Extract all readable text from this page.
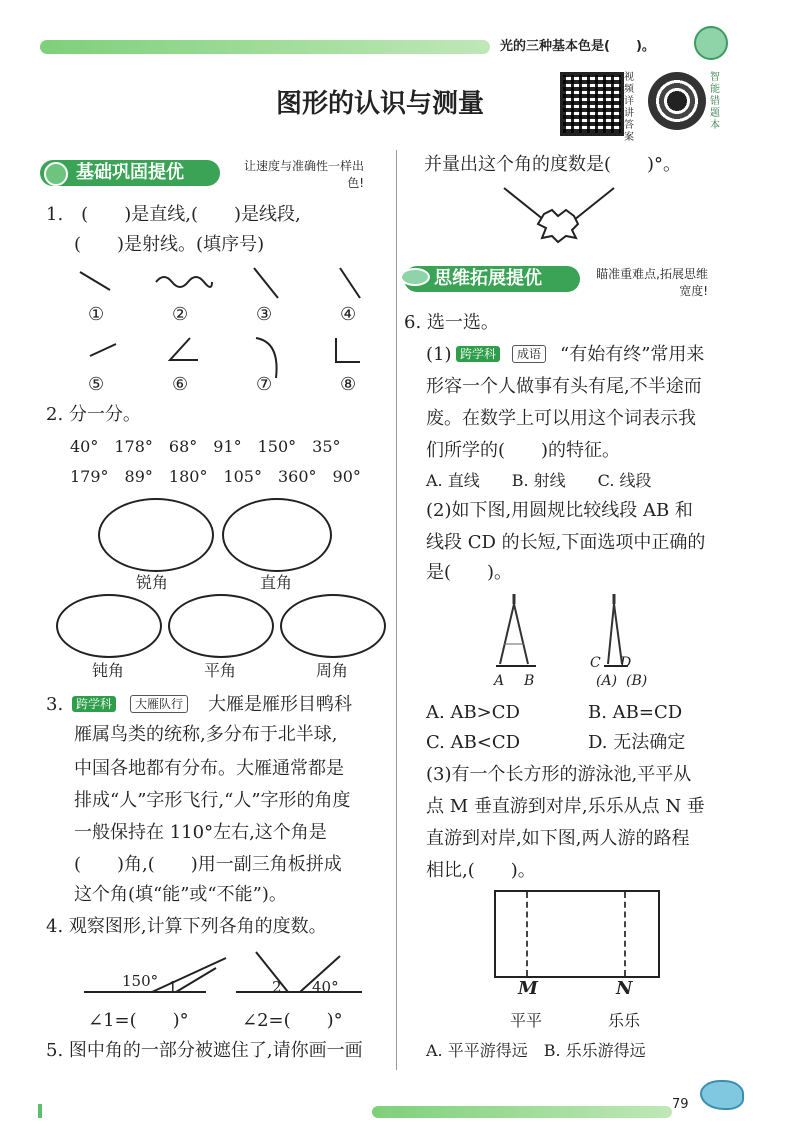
光的三种基本色是(　　)。
图形的认识与测量
视频详讲答案
智能错题本
基础巩固提优	让速度与准确性一样出色!
1.　(　　)是直线,(　　)是线段,
(　　)是射线。(填序号)
①	②	③	④
⑤	⑥	⑦	⑧
2. 分一分。
40°　178°　68°　91°　150°　35°
179°　89°　180°　105°　360°　90°
锐角	直角
钝角	平角	周角
3.	跨学科	大雁队行 大雁是雁形目鸭科
雁属鸟类的统称,多分布于北半球,
中国各地都有分布。大雁通常都是
排成“人”字形飞行,“人”字形的角度
一般保持在 110°左右,这个角是
(　　)角,(　　)用一副三角板拼成
这个角(填“能”或“不能”)。
4. 观察图形,计算下列各角的度数。
150° 1	2 40°
∠1=(　　)°	∠2=(　　)°
5. 图中角的一部分被遮住了,请你画一画
并量出这个角的度数是(　　)°。
思维拓展提优	瞄准重难点,拓展思维宽度!
6. 选一选。
(1) 跨学科	成语 “有始有终”常用来
形容一个人做事有头有尾,不半途而
废。在数学上可以用这个词表示我
们所学的(　　)的特征。
A. 直线　　B. 射线　　C. 线段
(2)如下图,用圆规比较线段 AB 和
线段 CD 的长短,下面选项中正确的
是(　　)。
A B
C D
(A) (B)
A. AB>CD	B. AB=CD
C. AB<CD	D. 无法确定
(3)有一个长方形的游泳池,平平从
点 M 垂直游到对岸,乐乐从点 N 垂
直游到对岸,如下图,两人游的路程
相比,(　　)。
M	N
平平	乐乐
A. 平平游得远　B. 乐乐游得远
79
